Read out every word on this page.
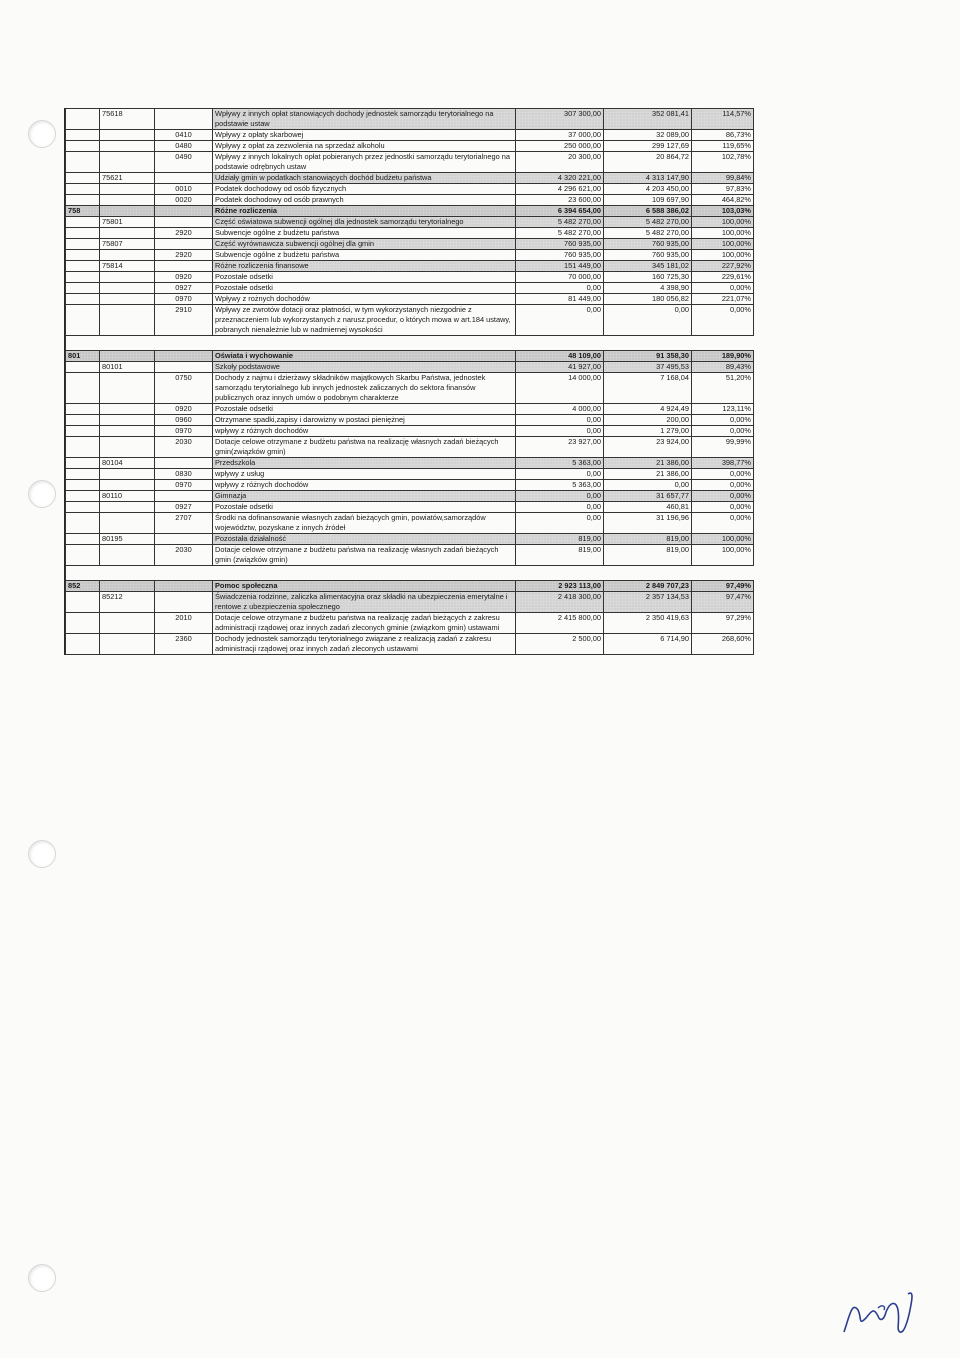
	75618		Wpływy z innych opłat stanowiących dochody jednostek samorządu terytorialnego na podstawie ustaw	307 300,00	352 081,41	114,57%
		0410	Wpływy z opłaty skarbowej	37 000,00	32 089,00	86,73%
		0480	Wpływy z opłat za zezwolenia na sprzedaż alkoholu	250 000,00	299 127,69	119,65%
		0490	Wpływy z innych lokalnych opłat pobieranych przez jednostki samorządu terytorialnego na podstawie odrębnych ustaw	20 300,00	20 864,72	102,78%
	75621		Udziały gmin w podatkach stanowiących dochód budżetu państwa	4 320 221,00	4 313 147,90	99,84%
		0010	Podatek dochodowy od osób fizycznych	4 296 621,00	4 203 450,00	97,83%
		0020	Podatek dochodowy od osób prawnych	23 600,00	109 697,90	464,82%
758			Różne rozliczenia	6 394 654,00	6 588 386,02	103,03%
	75801		Część oświatowa subwencji ogólnej dla jednostek samorządu terytorialnego	5 482 270,00	5 482 270,00	100,00%
		2920	Subwencje ogólne z budżetu państwa	5 482 270,00	5 482 270,00	100,00%
	75807		Część wyrównawcza subwencji ogólnej dla gmin	760 935,00	760 935,00	100,00%
		2920	Subwencje ogólne z budżetu państwa	760 935,00	760 935,00	100,00%
	75814		Różne rozliczenia finansowe	151 449,00	345 181,02	227,92%
		0920	Pozostałe odsetki	70 000,00	160 725,30	229,61%
		0927	Pozostałe odsetki	0,00	4 398,90	0,00%
		0970	Wpływy z rożnych dochodów	81 449,00	180 056,82	221,07%
		2910	Wpływy ze zwrotów dotacji oraz płatności, w tym wykorzystanych niezgodnie z przeznaczeniem lub wykorzystanych z narusz.procedur, o których mowa w art.184 ustawy, pobranych nienależnie lub w nadmiernej wysokości	0,00	0,00	0,00%

801			Oświata i wychowanie	48 109,00	91 358,30	189,90%
	80101		Szkoły podstawowe	41 927,00	37 495,53	89,43%
		0750	Dochody z najmu i dzierżawy składników majątkowych Skarbu Państwa, jednostek samorządu terytorialnego lub innych jednostek zaliczanych do sektora finansów publicznych oraz innych umów o podobnym charakterze	14 000,00	7 168,04	51,20%
		0920	Pozostałe odsetki	4 000,00	4 924,49	123,11%
		0960	Otrzymane spadki,zapisy i darowizny w postaci pieniężnej	0,00	200,00	0,00%
		0970	wpływy z różnych dochodów	0,00	1 279,00	0,00%
		2030	Dotacje celowe otrzymane z budżetu państwa na realizację własnych zadań bieżących gmin(związków gmin)	23 927,00	23 924,00	99,99%
	80104		Przedszkola	5 363,00	21 386,00	398,77%
		0830	wpływy z usług	0,00	21 386,00	0,00%
		0970	wpływy z różnych dochodów	5 363,00	0,00	0,00%
	80110		Gimnazja	0,00	31 657,77	0,00%
		0927	Pozostałe odsetki	0,00	460,81	0,00%
		2707	Środki na dofinansowanie własnych zadań bieżących gmin, powiatów,samorządów województw, pozyskane z innych źródeł	0,00	31 196,96	0,00%
	80195		Pozostała działalność	819,00	819,00	100,00%
		2030	Dotacje celowe otrzymane z budżetu państwa na realizację własnych zadań bieżących gmin (związków gmin)	819,00	819,00	100,00%

852			Pomoc społeczna	2 923 113,00	2 849 707,23	97,49%
	85212		Świadczenia rodzinne, zaliczka alimentacyjna oraz składki na ubezpieczenia emerytalne i rentowe z ubezpieczenia społecznego	2 418 300,00	2 357 134,53	97,47%
		2010	Dotacje celowe otrzymane z budżetu państwa na realizację zadań bieżących z zakresu administracji rządowej oraz innych zadań zleconych gminie (związkom gmin) ustawami	2 415 800,00	2 350 419,63	97,29%
		2360	Dochody jednostek samorządu terytorialnego związane z realizacją zadań z zakresu administracji rządowej oraz innych zadań zleconych ustawami	2 500,00	6 714,90	268,60%
